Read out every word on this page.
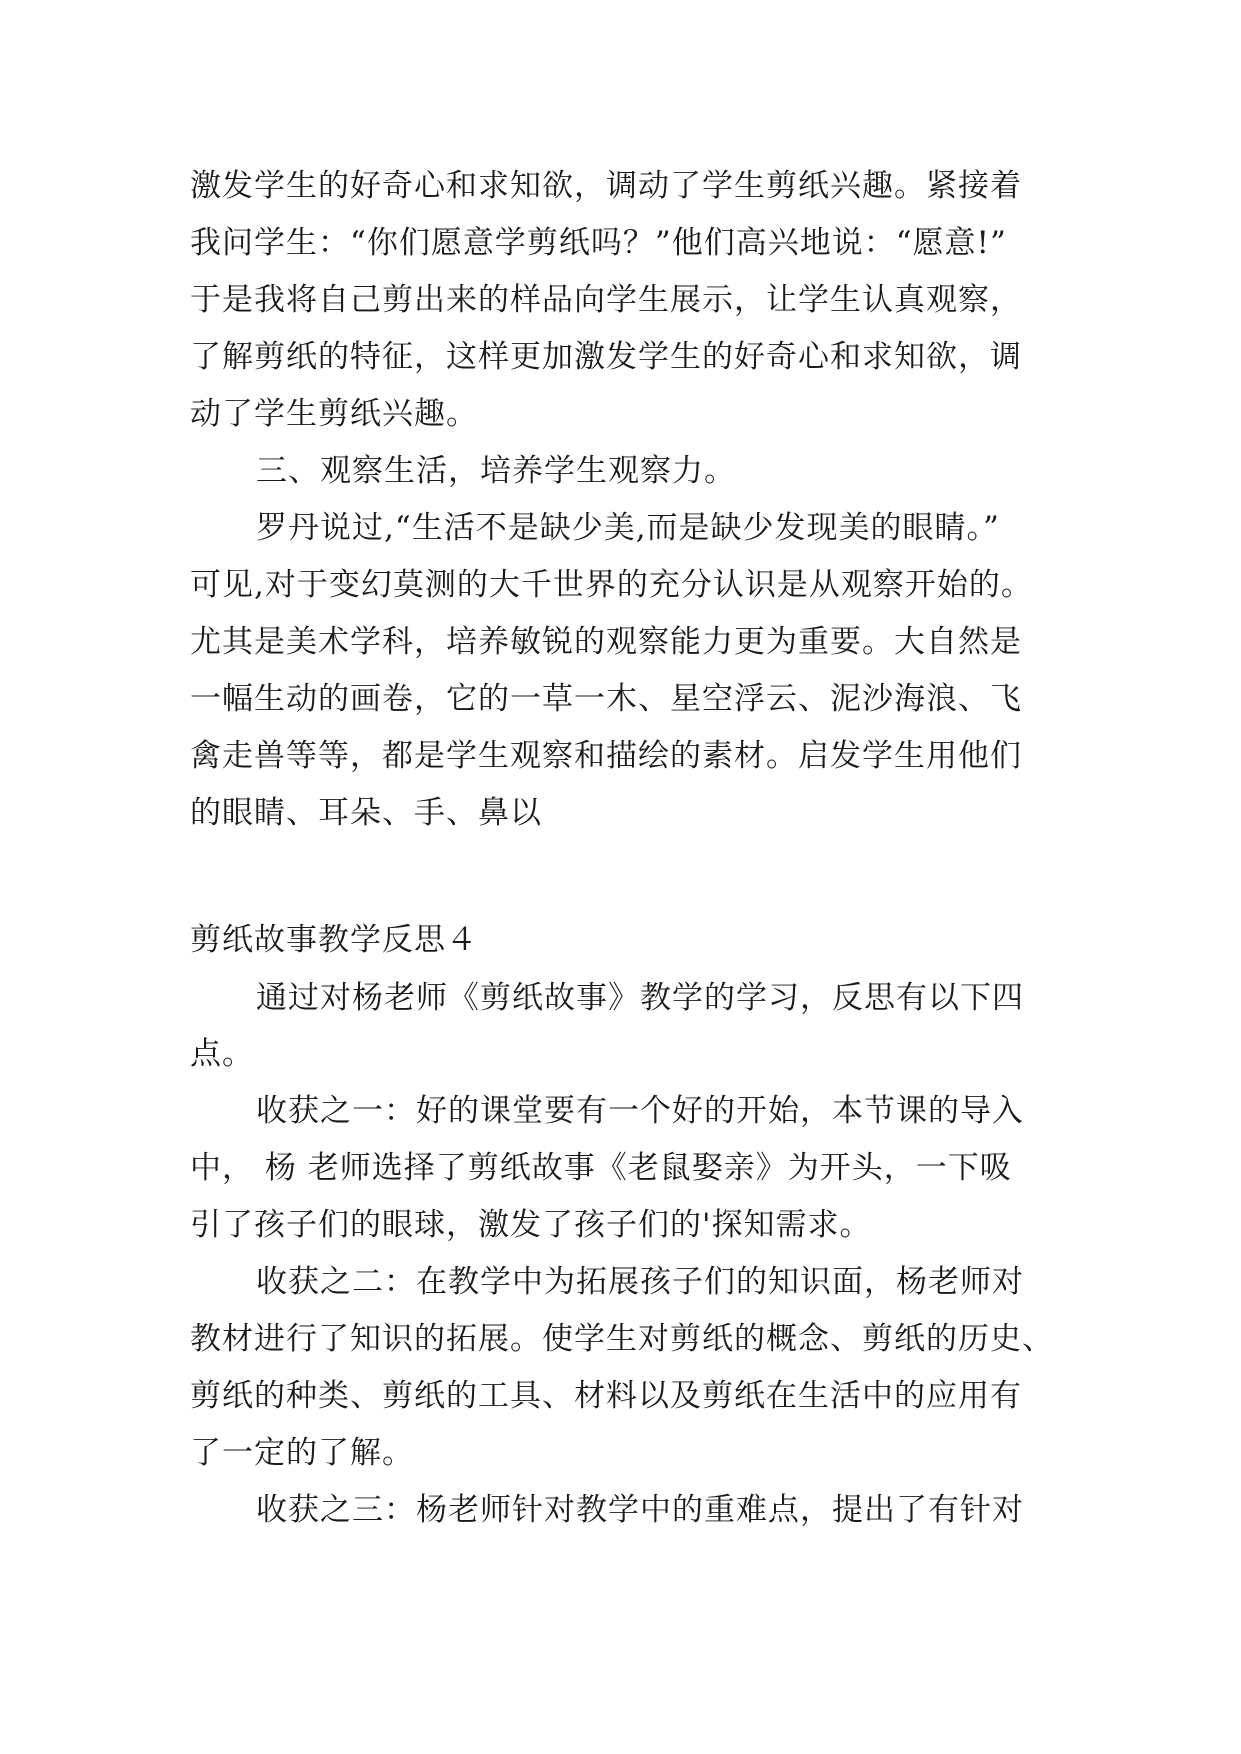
激发学生的好奇心和求知欲，调动了学生剪纸兴趣。紧接着
我问学生：“你们愿意学剪纸吗？”他们高兴地说：“愿意!”
于是我将自己剪出来的样品向学生展示，让学生认真观察，
了解剪纸的特征，这样更加激发学生的好奇心和求知欲，调
动了学生剪纸兴趣。
三、观察生活，培养学生观察力。
罗丹说过,“生活不是缺少美,而是缺少发现美的眼睛。”
可见,对于变幻莫测的大千世界的充分认识是从观察开始的。
尤其是美术学科，培养敏锐的观察能力更为重要。大自然是
一幅生动的画卷，它的一草一木、星空浮云、泥沙海浪、飞
禽走兽等等，都是学生观察和描绘的素材。启发学生用他们
的眼睛、耳朵、手、鼻以
剪纸故事教学反思４
通过对杨老师《剪纸故事》教学的学习，反思有以下四
点。
收获之一：好的课堂要有一个好的开始，本节课的导入
中， 杨 老师选择了剪纸故事《老鼠娶亲》为开头，一下吸
引了孩子们的眼球，激发了孩子们的'探知需求。
收获之二：在教学中为拓展孩子们的知识面，杨老师对
教材进行了知识的拓展。使学生对剪纸的概念、剪纸的历史、
剪纸的种类、剪纸的工具、材料以及剪纸在生活中的应用有
了一定的了解。
收获之三：杨老师针对教学中的重难点，提出了有针对
